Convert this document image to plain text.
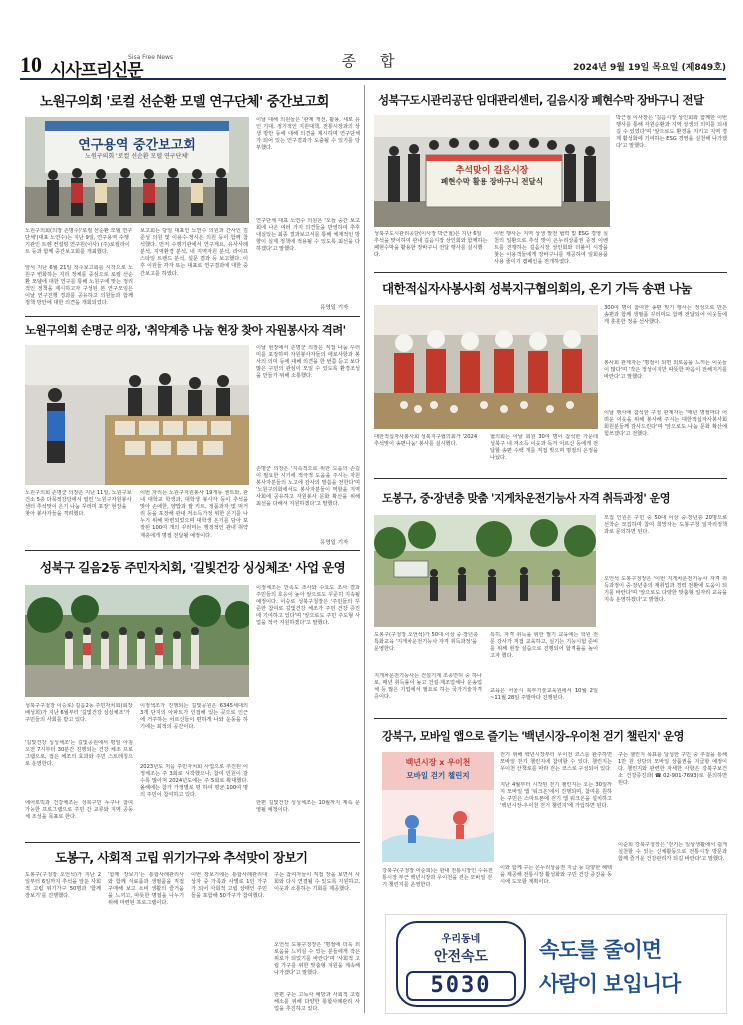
10 시사프리신문
Sisa Free News	종합	2024년 9월 19일 목요일 (제849호)
노원구의회 '로컬 선순환 모델 연구단체' 중간보고회
연구용역 중간보고회
노원구의회 '로컬 선순환 모델 연구단체'
노원구의회(의장 손명수)'로컬 선순환 모델 연구단체'(대표 노연수)는 지난 9일, 연구용역 수행 기관인 트렌 컨설팅 연구원(이사) (주)로컬라이트 등과 함께 중간보고회를 개최했다.
앞서 지난 6월 21일 착수보고회를 시작으로 노원구 변화하는 지리 정체를 중심으로 로컬 선순환 모델에 대한 연구를 통해 노원구에 맞는 정리적인 정책을 제시하고자 구성된 본 연구모임은 이날 연구진행 경과를 공유하고 의원들과 함께 정책 방안에 대한 의견을 개회되었다.
보고회는 당일 대표인 노연수 의원과 간사인 김준성 의원 및 이용수·정시은 의원 등이 함께 참석했다. 먼저 수행기관에서 연구계요, 유사사례분석, 지역환경 분석, 내 지역자원 분석, 라이프스타일 트렌드 분석, 설문 결과 등 보고했다. 이후 이원들 각자 또는 대표로 연구결과에 대한 중간보고를 하였다.
이날 대해 의원들은 '관계 개선, 활용, 새로 유인 기대, 정기적인 지원대책, 전통시장과의 상생 방안 등에 대해 의견을 제시하며 연구단체가 되어 있는 연구결과가 도출될 수 있기를 당부했다.
연구단체 대표 노연수 의원은 '오늘 중간 보고회에 나온 여러 가지 의견들을 반영하여 추후 내실있는 최종 결과보고서를 통해 체계적인 방향이 실제 정책에 적용될 수 있도록 최선을 다하겠다'고 말했다.
유영일 기자
노원구의회 손명군 의장, '취약계층 나눔 현장 찾아 자원봉사자 격려'
노원구의회 손명군 의장은 지난 11일, 노원구보건소 5층 다목적강당에서 열린 '노원구자원봉사센터 추석맞이 온기 나눔 꾸러미 포장' 현장을 찾아 봉사자들을 격려했다.
이번 자리는 노원구자원봉사 19개동 센트와, 관내 대학교 학생과, 대학생 봉사자 등이 추석을 맞아 손에한, 양밥과 쌀 키트, 정품과자 및 먹거리 등을 포장해 관내 저소득가정 위한 온기를 나누기 위해 마련되었으며 대학생 온기를 담아 포장된 100여 개의 꾸러미는 행정적인 관내 취약계층에게 명절 전달될 예정이다.
이날 현장에서 손명군 의장은 직접 나눔 꾸러미를 포장하며 자원봉사자들의 애로사항과 봉사의 의미 등에 대해 의견을 한 번쯤 듣고 보다 많은 구민의 관심이 모일 수 있도록 환경조성을 만들기 위해 소통했다.
손명군 의장은 '지속적으로 위한 도움의 손길이 필요한 시기에 적극적 도움을 주시는 자원봉사자분들의 노고에 감사의 말씀을 전한다'며 '노원구의회에서도 봉사자분들이 역할을 지역사회에 공유하고 자원봉사 문화 확산을 위해 최선을 다해서 지원하겠다'고 말했다.
유영일 기자
성북구 길음2동 주민자치회, '길빛건강 싱싱체조' 사업 운영
성북구구청장 이승로) 길음2동 주민자치회(회장 배성희)가 지난 6월부터 '길빛건강 싱싱체조'가 구민들의 사회를 받고 있다.
'길빛건강 싱싱체조'는 길빛공원에서 평일 아침 오전 7시부터 30분간 진행되는 건강 체조 프로그램으로, 접은 체조의 효과와 주민 스트레칭으로 운영한다.
에어로빅과 건강체조는 성북구민 누구나 참여 가능한 프로그램으로 주민 간 교류와 지역 공동체 조성을 목표로 한다.
이정색조가 진행되는 길빛공원은 6345세대의 3개 단지의 아파트가 인접해 있는 곳으로 인근에 거주하는 어르신들이 편하게 나와 운동을 하기에는 최적의 공간이다.
2023년도 처음 주민자치회 사업으로 추진된 이정체조는 주 3회로 시작했으나, 참여 인원이 갈수록 많아져 2024년도에는 주 5회로 확대했다. 올해에는 참가 가정별로 평 하여 평균 100여 명의 주민이 참여하고 있다.
이정체조는 만족도 조사와 수요도 조사 결과 주민들의 호응이 높아 앞으로도 꾸준히 지속될 예정이다. 이승로 성북구청장은 '주민들의 꾸준한 참여로 길빛건강 체조가 주민 건강 증진에 기여하고 있다'며 '앞으로도 주민 주도형 사업을 적극 지원하겠다'고 말했다.
한편 길빛건강 싱싱체조는 10월까지 계속 운영될 예정이다.
도봉구, 사회적 고립 위기가구와 추석맞이 장보기
도봉구(구청장 오언석)가 지난 2일부터 6일까지 추석을 앞둔 사회적 고립 위기가구 50명과 '함께 장보기'를 진행했다.
'함께 장보기'는 통합사례관리사와 함께 식료품과 생필품을 직접 구매해 보고 소비 생활의 즐거움을 느끼고, 따뜻한 명절을 나누기 위해 마련된 프로그램이다.
이번 장보기에는 통합사례관리대상자 중 가족과 사별로 1인 가구가 되어 사회적 고립 상태인 주민들을 포함해 50가구가 참여했다.
구는 참여자들이 직접 장을 보면서 사회와 다시 연결될 수 있도록 지원하고, 이웃과 소통하는 기회를 제공했다.
오언석 도봉구청장은 '명절에 더욱 외로움을 느끼실 수 있는 분들에게 작은 위로가 되었기를 바란다'며 '사회적 고립 가구를 위한 맞춤형 지원을 계속해 나가겠다'고 말했다.
한편 구는 고독사 예방과 사회적 고립 해소를 위해 다양한 통합사례관리 사업을 추진하고 있다.
성북구도시관리공단 임대관리센터, 길음시장 폐현수막 장바구니 전달
추석맞이 길음시장
폐현수막 활용 장바구니 전달식
성북구도시관리공단(이사장 박근철)은 지난 6일 추석을 맞이하여 관내 길음시장 상인회와 함께하는 폐현수막을 활용한 장바구니 전달 행사를 실시했다.
이번 행사는 지역 상생 발전 협력 및 ESG 경영 실천의 일환으로 추석 맞이 온누리상품권 증정 이벤트를 진행하는 길음시장 상인회와 더불어 시장을 찾는 이용객들에게 장바구니를 제공하여 일회용품 사용 줄이기 캠페인을 전개하였다.
박근철 이사장은 '길음시장 상인회와 함께한 이번 행사를 통해 자원순환과 지역 상생의 의미를 되새길 수 있었다'며 '앞으로도 환경을 지키고 지역 경제 활성화에 기여하는 ESG 경영을 실천해 나가겠다'고 말했다.
대한적십자사봉사회 성북지구협의회의, 온기 가득 송편 나눔
대한적십자사봉사회 성북지구협의회가 '2024 추석맞이 송편나눔' 봉사를 실시했다.
협의회는 이날 회원 30여 명이 참석한 가운데 성북구 내 저소득 이웃과 독거 어르신 등에게 전달할 송편 수백 개를 직접 빚으며 명절의 온정을 나눴다.
300여 명이 참여한 송편 빚기 행사는 정성으로 만든 송편과 함께 생필품 꾸러미도 함께 전달되어 이웃들에게 훈훈한 정을 선사했다.
봉사회 관계자는 '명절이 되면 외로움을 느끼는 이웃들이 많다'며 '작은 정성이지만 따뜻한 마음이 전해지기를 바란다'고 말했다.
이날 행사에 참석한 구청 관계자는 '매년 명절마다 어려운 이웃을 위해 봉사해 주시는 대한적십자사봉사회 회원분들께 감사드린다'며 '앞으로도 나눔 문화 확산에 힘쓰겠다'고 전했다.
도봉구, 중·장년층 맞춤 '지게차운전기능사 자격 취득과정' 운영
도봉구(구청장 오언석)가 50대 이상 중·장년층 특화교육 '지게차운전기능사 자격 취득과정'을 운영한다.
지게차운전기능사는 건설기계 조종면허 중 하나로, 매년 취득률이 높고 건설·제조업체나 운송업체 등 많은 기업에서 필요로 하는 국가기술자격증이다.
특히, 자격 취득을 위한 필기 교육에는 학원 전문 강사가 직접 교육하고, 실기는 기능시험 준비를 위해 현장 실습으로 진행되어 합격률을 높이고자 했다.
교육은 서울시 북부기술교육원에서 10월 2일~11월 28일 주말마다 진행된다.
모집 인원은 구민 중 50대 이상 중·장년층 20명으로 선착순 모집하며 참여 희망자는 도봉구청 일자리정책과로 문의하면 된다.
오언석 도봉구청장은 '이번 지게차운전기능사 자격 취득과정이 중·장년층의 재취업과 경력 전환에 도움이 되기를 바란다'며 '앞으로도 다양한 맞춤형 일자리 교육을 지속 운영하겠다'고 밝혔다.
강북구, 모바일 앱으로 즐기는 '백년시장-우이천 걷기 챌린지' 운영
백년시장 x 우이천
모바일 걷기 챌린지
강북구(구청장 이순희)는 관내 전통시장인 수유전통시장 부근 백년시장과 우이천을 걷는 모바일 걷기 챌린지를 운영한다.
걷기 위해 백년시장부터 우이천 코스를 완주하면 모바일 걷기 챌린지에 참여할 수 있다. 챌린지는 우이천 산책로를 따라 걷는 코스로 구성되어 있다.
지난 4월부터 시작된 걷기 챌린지는 오는 30일까지 모바일 앱 '워크온'에서 진행되며, 참여를 원하는 구민은 스마트폰에 걷기 앱 워크온을 설치하고 '백년시장-우이천 걷기 챌린지'에 가입하면 된다.
이와 함께 구는 온누리상품권 지급 등 다양한 혜택을 제공해 전통시장 활성화와 구민 건강 증진을 동시에 도모할 계획이다.
구는 챌린지 목표를 달성한 구민 중 추첨을 통해 1만 원 상당의 모바일 상품권을 지급할 예정이다. 챌린지와 관련한 자세한 사항은 강북구보건소 건강증진과(☎02-901-7693)로 문의하면 된다.
이순희 강북구청장은 '걷기는 일상생활에서 쉽게 실천할 수 있는 신체활동으로 전통시장 방문과 함께 즐거운 건강관리가 되길 바란다'고 말했다.
우리동네
안전속도
5030
속도를 줄이면
사람이 보입니다
